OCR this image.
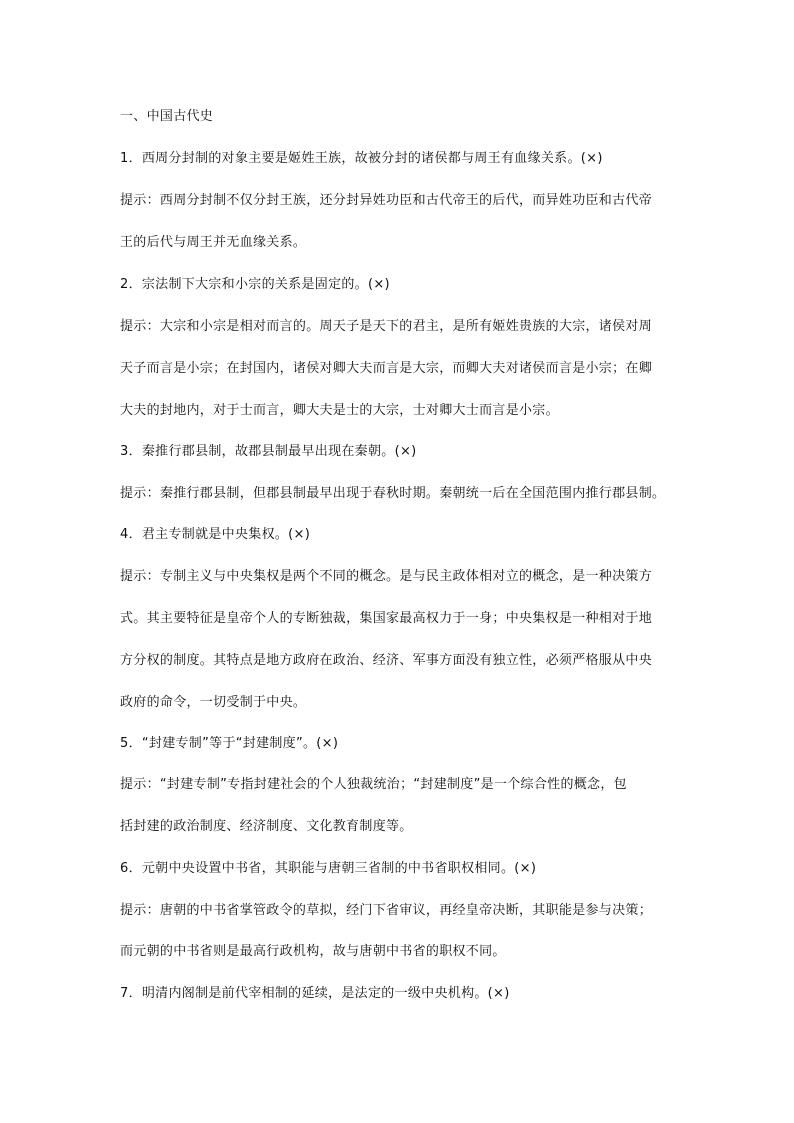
一、中国古代史
1．西周分封制的对象主要是姬姓王族，故被分封的诸侯都与周王有血缘关系。(×)
提示：西周分封制不仅分封王族，还分封异姓功臣和古代帝王的后代，而异姓功臣和古代帝
王的后代与周王并无血缘关系。
2．宗法制下大宗和小宗的关系是固定的。(×)
提示：大宗和小宗是相对而言的。周天子是天下的君主，是所有姬姓贵族的大宗，诸侯对周
天子而言是小宗；在封国内，诸侯对卿大夫而言是大宗，而卿大夫对诸侯而言是小宗；在卿
大夫的封地内，对于士而言，卿大夫是士的大宗，士对卿大士而言是小宗。
3．秦推行郡县制，故郡县制最早出现在秦朝。(×)
提示：秦推行郡县制，但郡县制最早出现于春秋时期。秦朝统一后在全国范围内推行郡县制。
4．君主专制就是中央集权。(×)
提示：专制主义与中央集权是两个不同的概念。是与民主政体相对立的概念，是一种决策方
式。其主要特征是皇帝个人的专断独裁，集国家最高权力于一身；中央集权是一种相对于地
方分权的制度。其特点是地方政府在政治、经济、军事方面没有独立性，必须严格服从中央
政府的命令，一切受制于中央。
5．“封建专制”等于“封建制度”。(×)
提示：“封建专制”专指封建社会的个人独裁统治；“封建制度”是一个综合性的概念，包
括封建的政治制度、经济制度、文化教育制度等。
6．元朝中央设置中书省，其职能与唐朝三省制的中书省职权相同。(×)
提示：唐朝的中书省掌管政令的草拟，经门下省审议，再经皇帝决断，其职能是参与决策；
而元朝的中书省则是最高行政机构，故与唐朝中书省的职权不同。
7．明清内阁制是前代宰相制的延续，是法定的一级中央机构。(×)
